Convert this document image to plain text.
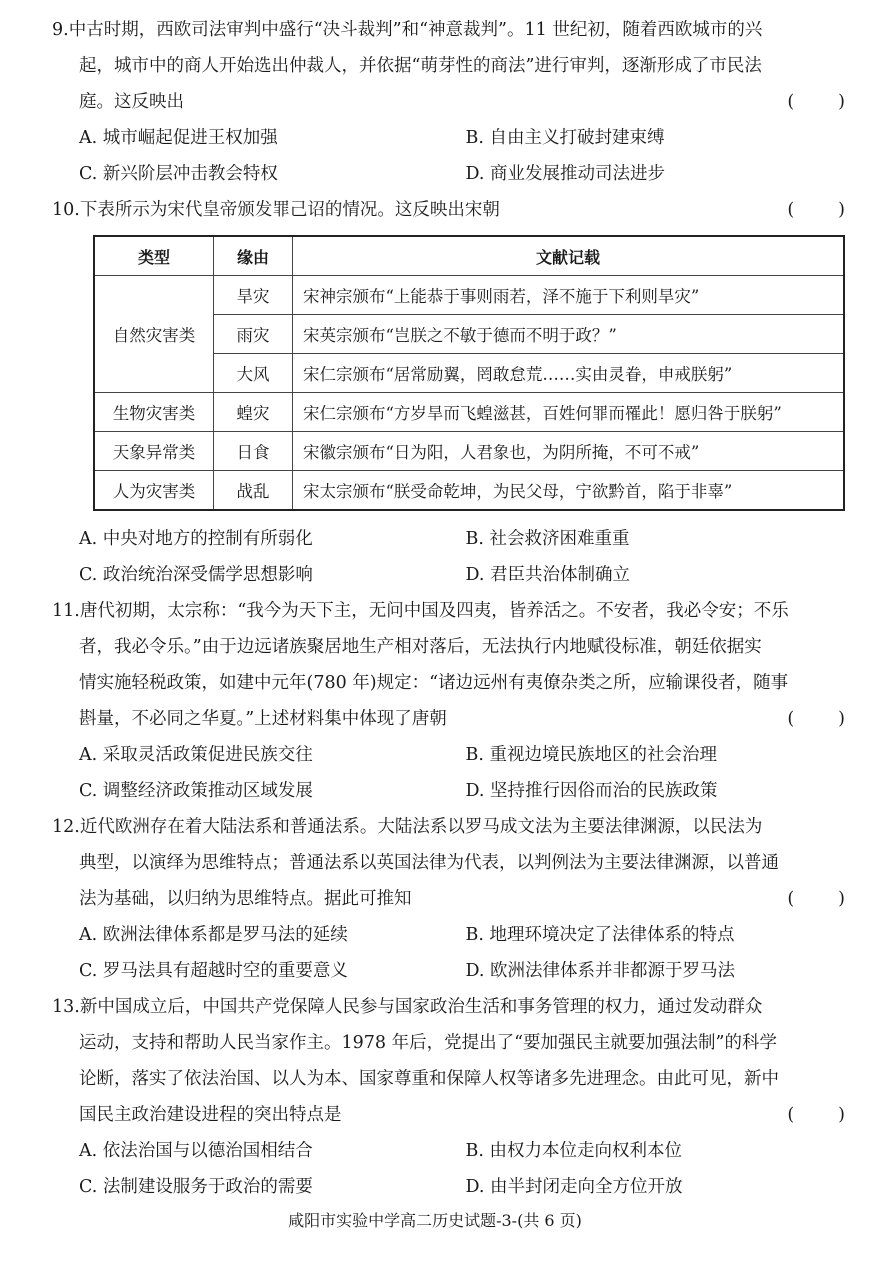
9.中古时期，西欧司法审判中盛行“决斗裁判”和“神意裁判”。11 世纪初，随着西欧城市的兴
起，城市中的商人开始选出仲裁人，并依据“萌芽性的商法”进行审判，逐渐形成了市民法
庭。这反映出	(　　)
A. 城市崛起促进王权加强	B. 自由主义打破封建束缚
C. 新兴阶层冲击教会特权	D. 商业发展推动司法进步
10.下表所示为宋代皇帝颁发罪己诏的情况。这反映出宋朝	(　　)
类型	缘由	文献记载
自然灾害类	旱灾	宋神宗颁布“上能恭于事则雨若，泽不施于下利则旱灾”
	雨灾	宋英宗颁布“岂朕之不敏于德而不明于政？”
	大风	宋仁宗颁布“居常励翼，罔敢怠荒……实由灵眷，申戒朕躬”
生物灾害类	蝗灾	宋仁宗颁布“方岁旱而飞蝗滋甚，百姓何罪而罹此！愿归咎于朕躬”
天象异常类	日食	宋徽宗颁布“日为阳，人君象也，为阴所掩，不可不戒”
人为灾害类	战乱	宋太宗颁布“朕受命乾坤，为民父母，宁欲黔首，陷于非辜”
A. 中央对地方的控制有所弱化	B. 社会救济困难重重
C. 政治统治深受儒学思想影响	D. 君臣共治体制确立
11.唐代初期，太宗称：“我今为天下主，无问中国及四夷，皆养活之。不安者，我必令安；不乐
者，我必令乐。”由于边远诸族聚居地生产相对落后，无法执行内地赋役标准，朝廷依据实
情实施轻税政策，如建中元年(780 年)规定：“诸边远州有夷僚杂类之所，应输课役者，随事
斟量，不必同之华夏。”上述材料集中体现了唐朝	(　　)
A. 采取灵活政策促进民族交往	B. 重视边境民族地区的社会治理
C. 调整经济政策推动区域发展	D. 坚持推行因俗而治的民族政策
12.近代欧洲存在着大陆法系和普通法系。大陆法系以罗马成文法为主要法律渊源，以民法为
典型，以演绎为思维特点；普通法系以英国法律为代表，以判例法为主要法律渊源，以普通
法为基础，以归纳为思维特点。据此可推知	(　　)
A. 欧洲法律体系都是罗马法的延续	B. 地理环境决定了法律体系的特点
C. 罗马法具有超越时空的重要意义	D. 欧洲法律体系并非都源于罗马法
13.新中国成立后，中国共产党保障人民参与国家政治生活和事务管理的权力，通过发动群众
运动，支持和帮助人民当家作主。1978 年后，党提出了“要加强民主就要加强法制”的科学
论断，落实了依法治国、以人为本、国家尊重和保障人权等诸多先进理念。由此可见，新中
国民主政治建设进程的突出特点是	(　　)
A. 依法治国与以德治国相结合	B. 由权力本位走向权利本位
C. 法制建设服务于政治的需要	D. 由半封闭走向全方位开放
咸阳市实验中学高二历史试题-3-(共 6 页)
